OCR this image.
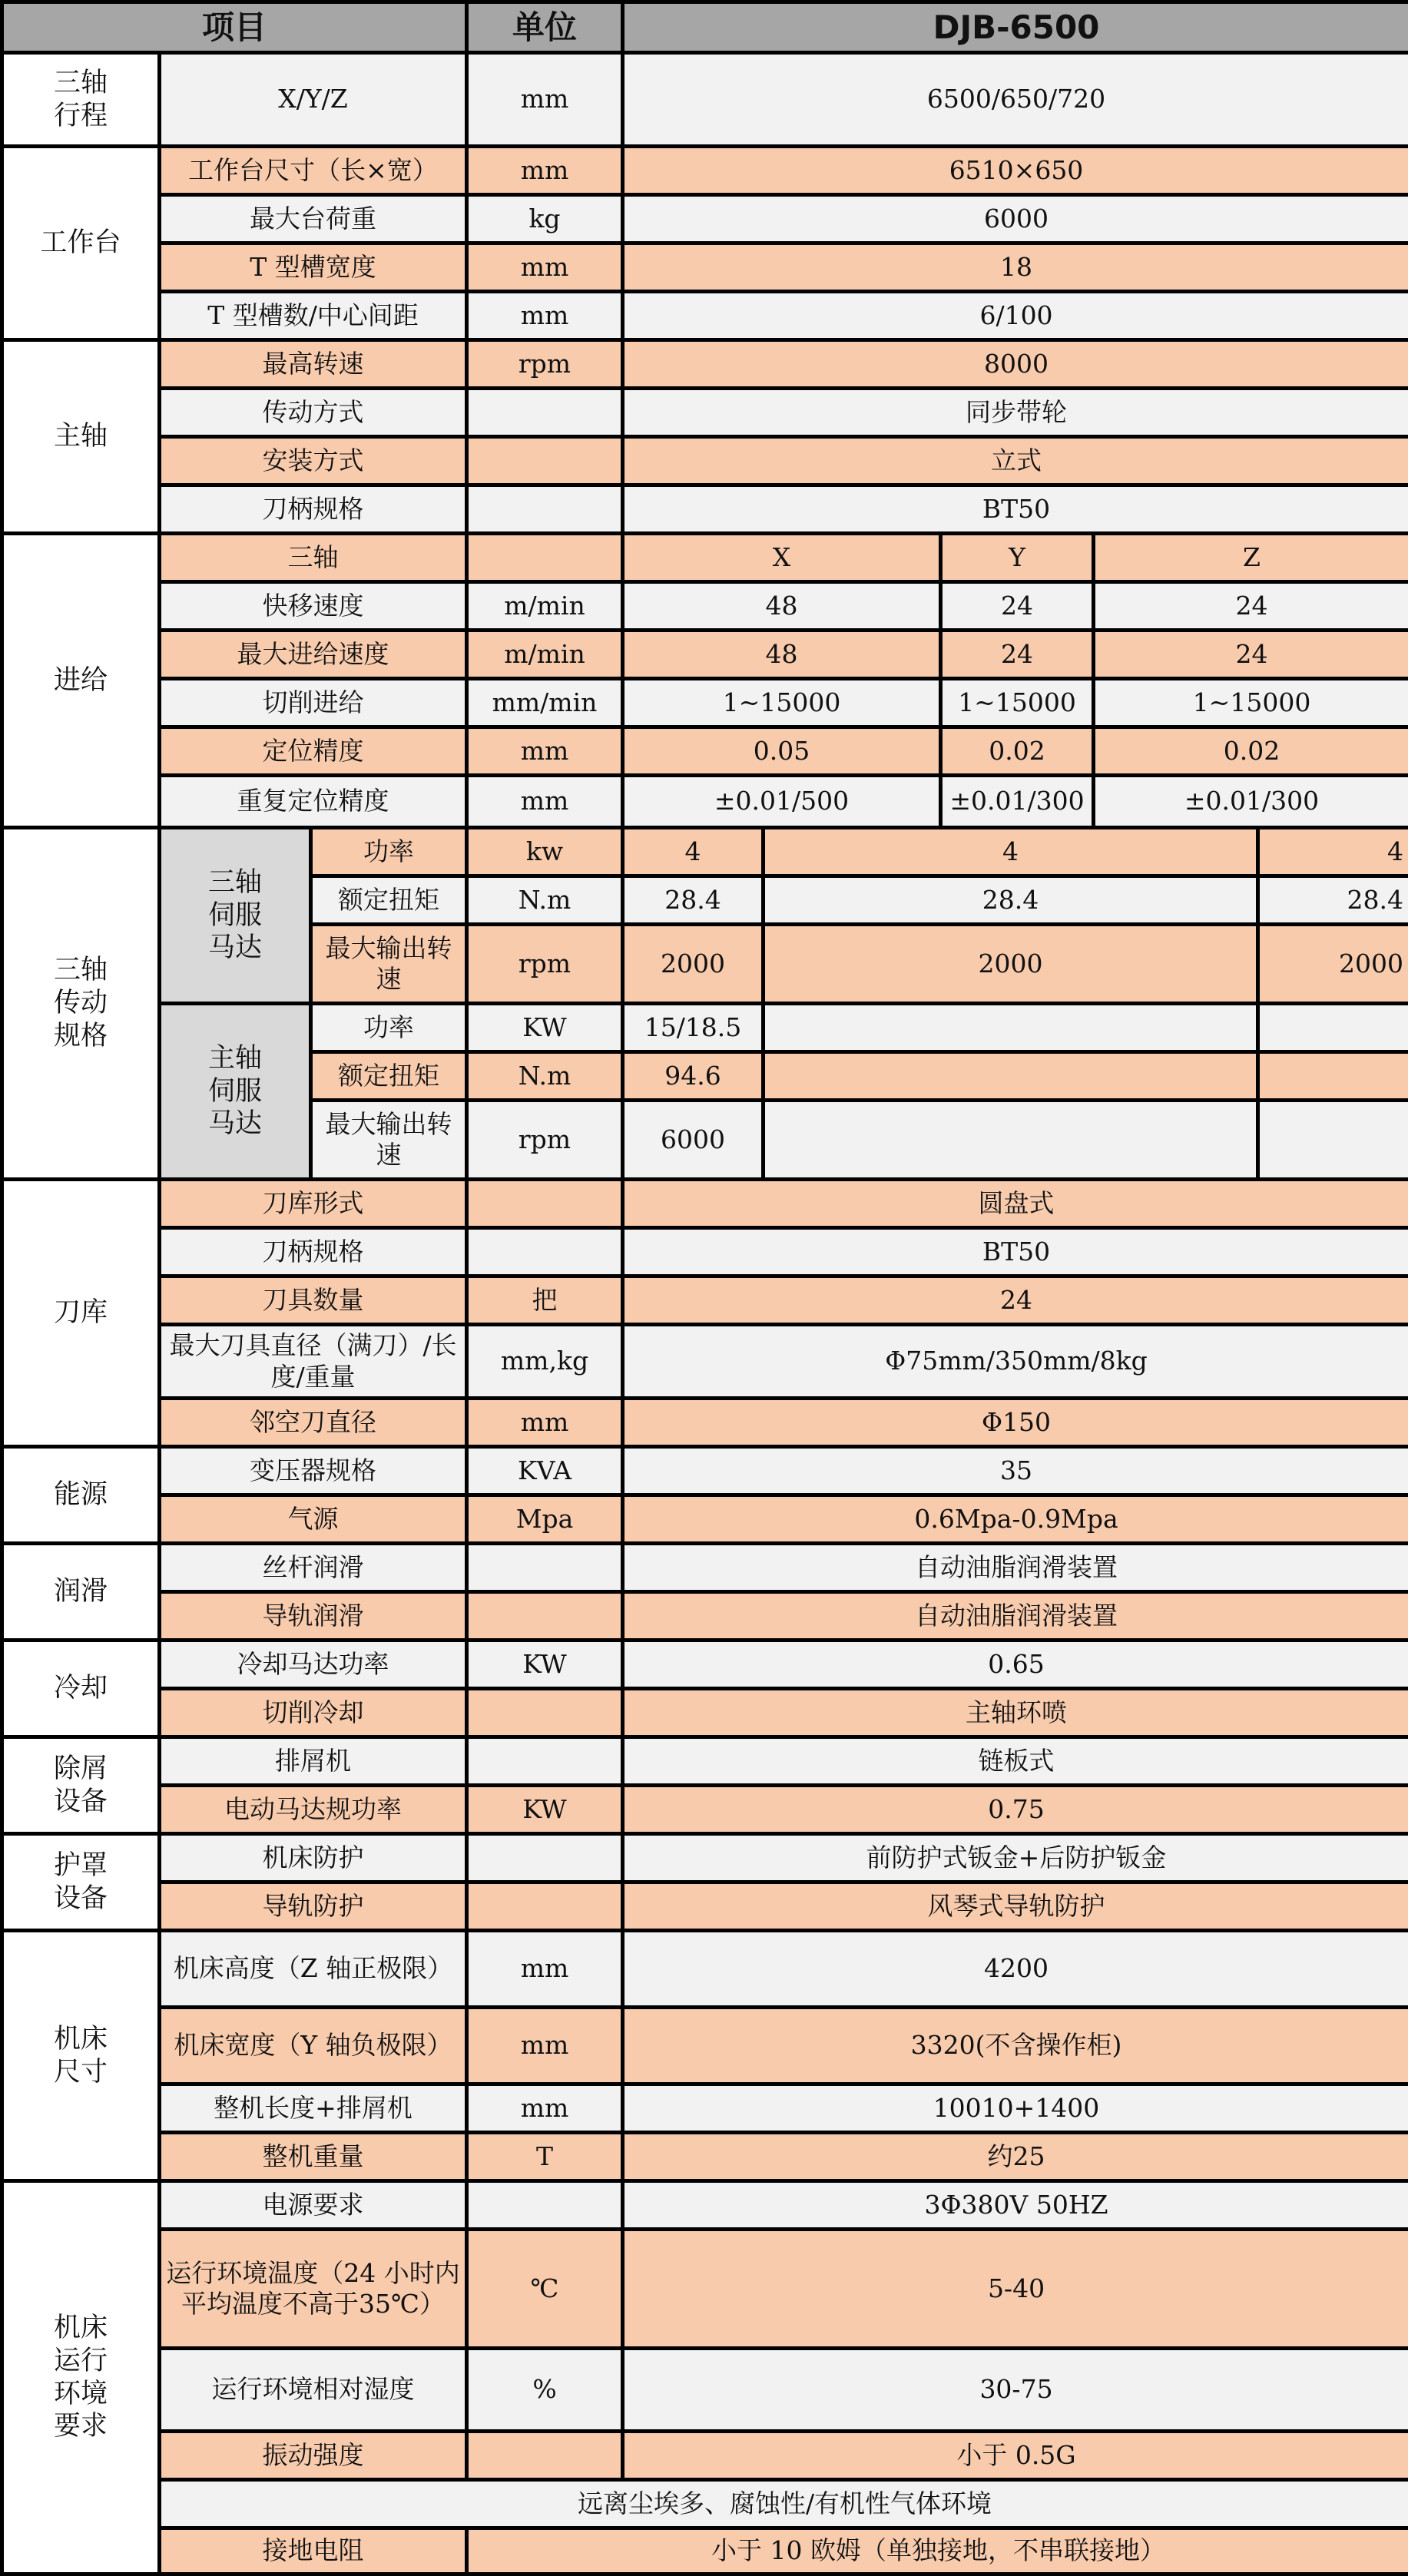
项目			单位	DJB-6500				
三轴
行程	X/Y/Z		mm	6500/650/720				
工作台	工作台尺寸（长×宽）		mm	6510×650				
	最大台荷重		kg	6000				
	T 型槽宽度		mm	18				
	T 型槽数/中心间距		mm	6/100				
主轴	最高转速		rpm	8000				
	传动方式			同步带轮				
	安装方式			立式				
	刀柄规格			BT50				
进给	三轴			X		Y	Z	
	快移速度		m/min	48		24	24	
	最大进给速度		m/min	48		24	24	
	切削进给		mm/min	1~15000		1~15000	1~15000	
	定位精度		mm	0.05		0.02	0.02	
	重复定位精度		mm	±0.01/500		±0.01/300	±0.01/300	
三轴
传动
规格	三轴
伺服
马达	功率	kw	4	4			4
		额定扭矩	N.m	28.4	28.4			28.4
		最大输出转速	rpm	2000	2000			2000
	主轴
伺服
马达	功率	KW	15/18.5				
		额定扭矩	N.m	94.6				
		最大输出转速	rpm	6000				
刀库	刀库形式			圆盘式				
	刀柄规格			BT50				
	刀具数量		把	24				
	最大刀具直径（满刀）/长度/重量		mm,kg	Φ75mm/350mm/8kg				
	邻空刀直径		mm	Φ150				
能源	变压器规格		KVA	35				
	气源		Mpa	0.6Mpa-0.9Mpa				
润滑	丝杆润滑			自动油脂润滑装置				
	导轨润滑			自动油脂润滑装置				
冷却	冷却马达功率		KW	0.65				
	切削冷却			主轴环喷				
除屑
设备	排屑机			链板式				
	电动马达规功率		KW	0.75				
护罩
设备	机床防护			前防护式钣金+后防护钣金				
	导轨防护			风琴式导轨防护				
机床
尺寸	机床高度（Z 轴正极限）		mm	4200				
	机床宽度（Y 轴负极限）		mm	3320(不含操作柜)				
	整机长度+排屑机		mm	10010+1400				
	整机重量		T	约25				
机床
运行
环境
要求	电源要求			3Φ380V 50HZ				
	运行环境温度（24 小时内平均温度不高于35℃）		℃	5-40				
	运行环境相对湿度		%	30-75				
	振动强度			小于 0.5G				
	远离尘埃多、腐蚀性/有机性气体环境							
	接地电阻		小于 10 欧姆（单独接地，不串联接地）					
